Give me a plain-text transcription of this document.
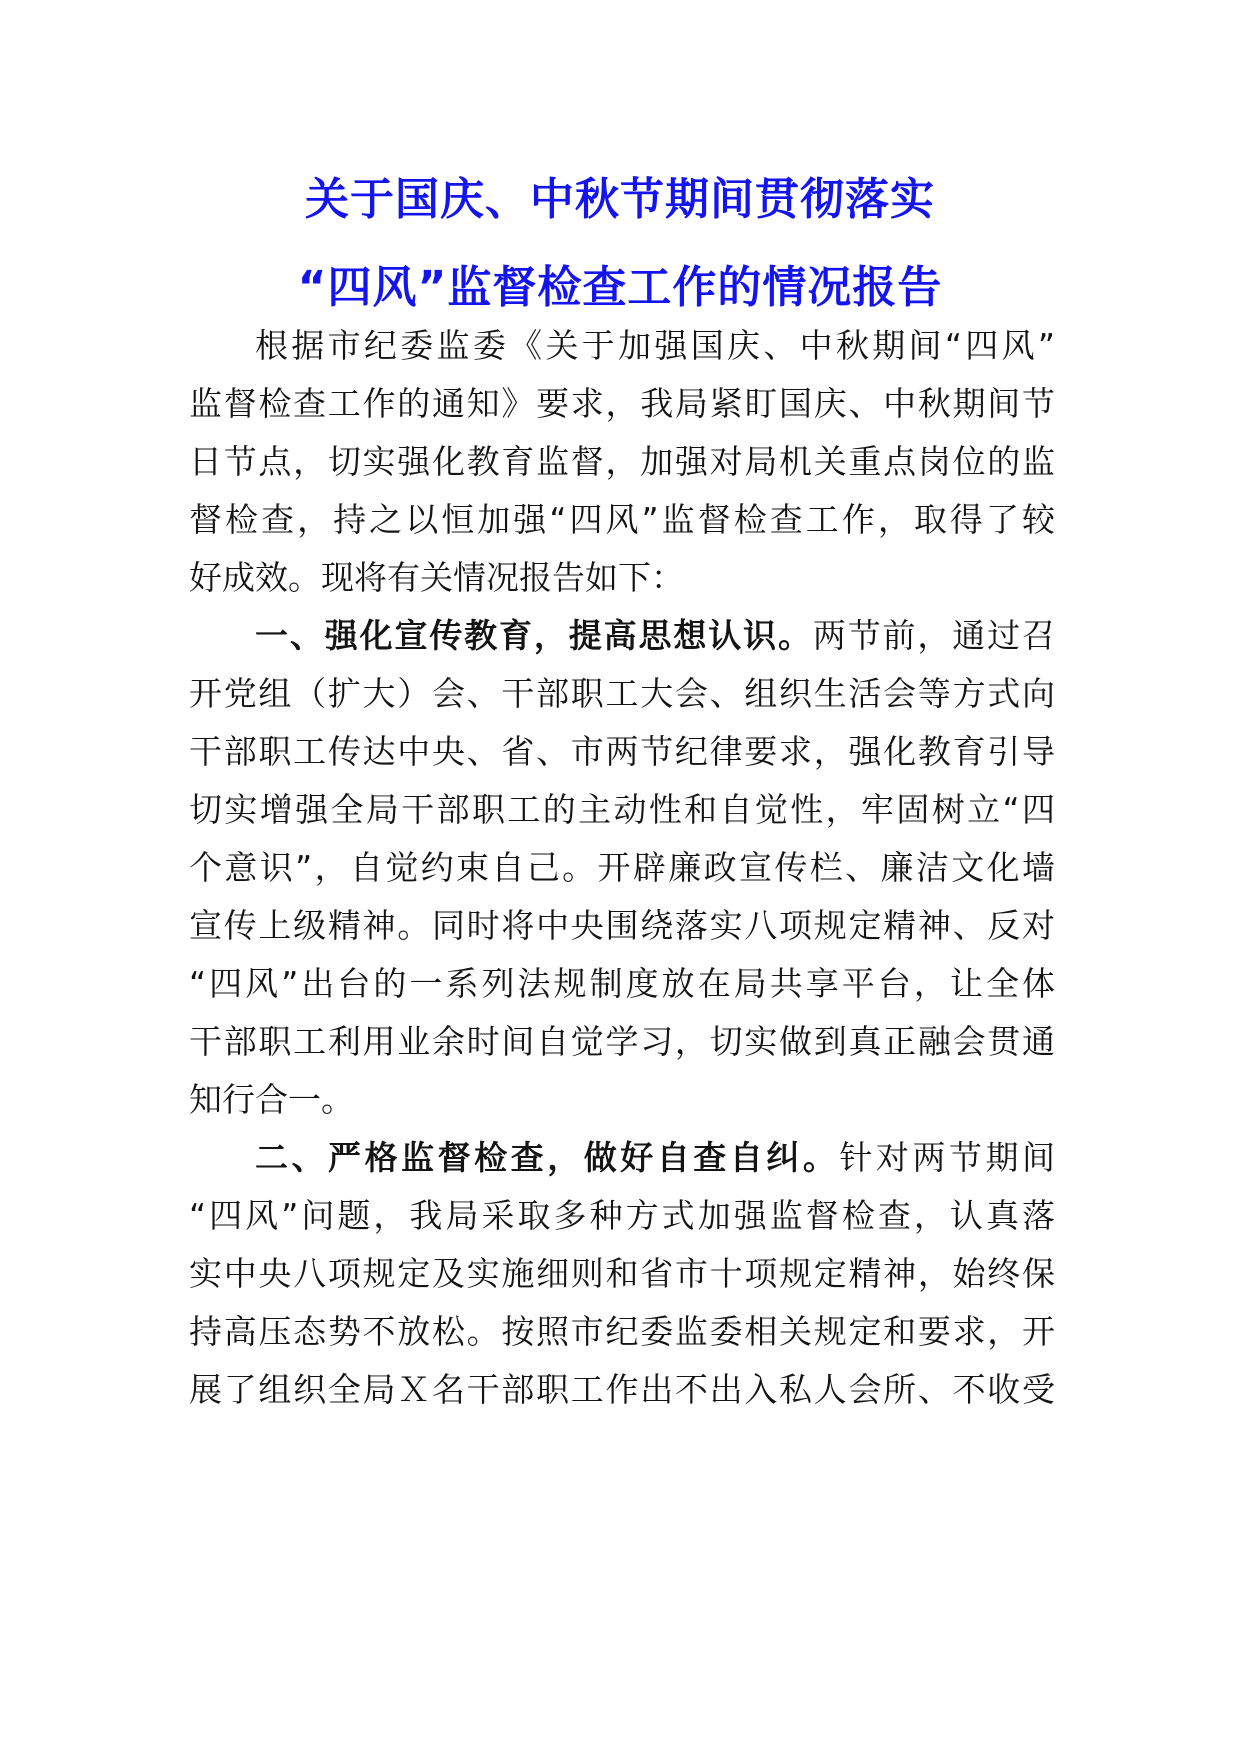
关于国庆、中秋节期间贯彻落实
“四风”监督检查工作的情况报告
根据市纪委监委《关于加强国庆、中秋期间“四风”
监督检查工作的通知》要求，我局紧盯国庆、中秋期间节
日节点，切实强化教育监督，加强对局机关重点岗位的监
督检查，持之以恒加强“四风”监督检查工作，取得了较
好成效。现将有关情况报告如下：
一、强化宣传教育，提高思想认识。两节前，通过召
开党组（扩大）会、干部职工大会、组织生活会等方式向
干部职工传达中央、省、市两节纪律要求，强化教育引导
切实增强全局干部职工的主动性和自觉性，牢固树立“四
个意识”，自觉约束自己。开辟廉政宣传栏、廉洁文化墙
宣传上级精神。同时将中央围绕落实八项规定精神、反对
“四风”出台的一系列法规制度放在局共享平台，让全体
干部职工利用业余时间自觉学习，切实做到真正融会贯通
知行合一。
二、严格监督检查，做好自查自纠。针对两节期间
“四风”问题，我局采取多种方式加强监督检查，认真落
实中央八项规定及实施细则和省市十项规定精神，始终保
持高压态势不放松。按照市纪委监委相关规定和要求，开
展了组织全局Ｘ名干部职工作出不出入私人会所、不收受
